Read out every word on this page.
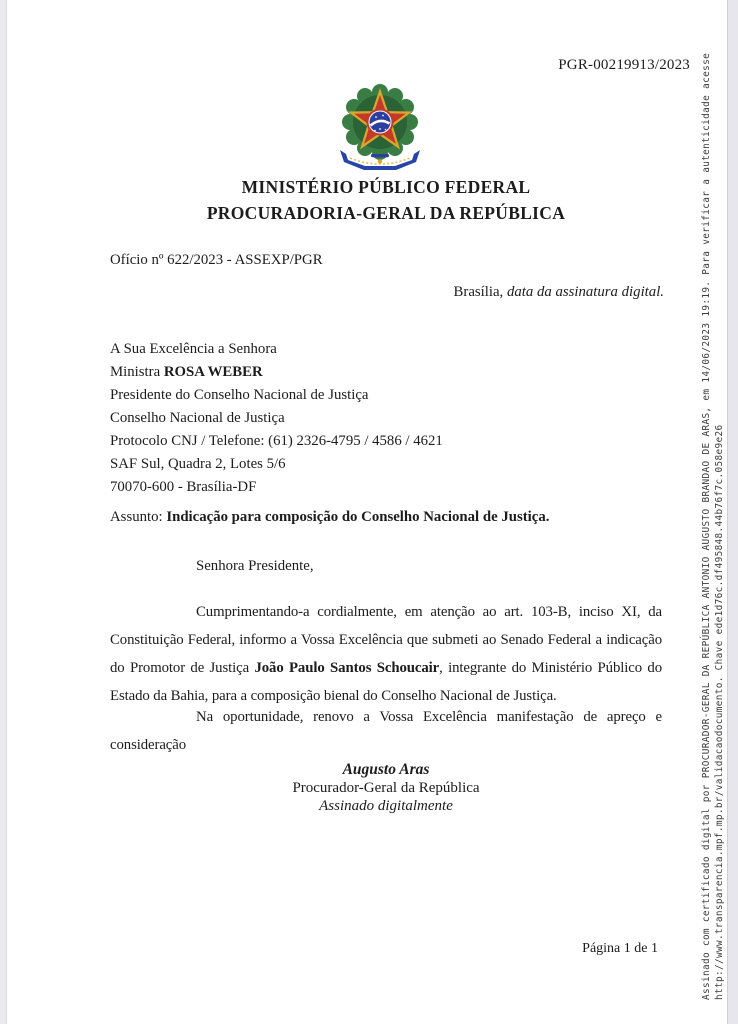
PGR-00219913/2023
MINISTÉRIO PÚBLICO FEDERAL
PROCURADORIA-GERAL DA REPÚBLICA
Ofício nº 622/2023 - ASSEXP/PGR
Brasília, data da assinatura digital.
A Sua Excelência a Senhora
Ministra ROSA WEBER
Presidente do Conselho Nacional de Justiça
Conselho Nacional de Justiça
Protocolo CNJ / Telefone: (61) 2326-4795 / 4586 / 4621
SAF Sul, Quadra 2, Lotes 5/6
70070-600 - Brasília-DF
Assunto: Indicação para composição do Conselho Nacional de Justiça.
Senhora Presidente,

Cumprimentando-a cordialmente, em atenção ao art. 103-B, inciso XI, da Constituição Federal, informo a Vossa Excelência que submeti ao Senado Federal a indicação do Promotor de Justiça João Paulo Santos Schoucair, integrante do Ministério Público do Estado da Bahia, para a composição bienal do Conselho Nacional de Justiça.

Na oportunidade, renovo a Vossa Excelência manifestação de apreço e consideração

Augusto Aras
Procurador-Geral da República
Assinado digitalmente
Página 1 de 1	Assinado com certificado digital por PROCURADOR-GERAL DA REPÚBLICA ANTONIO AUGUSTO BRANDAO DE ARAS, em 14/06/2023 19:19. Para verificar a autenticidade acesse http://www.transparencia.mpf.mp.br/validacaodocumento. Chave ede1d76c.df495848.44b76f7c.058e9e26
